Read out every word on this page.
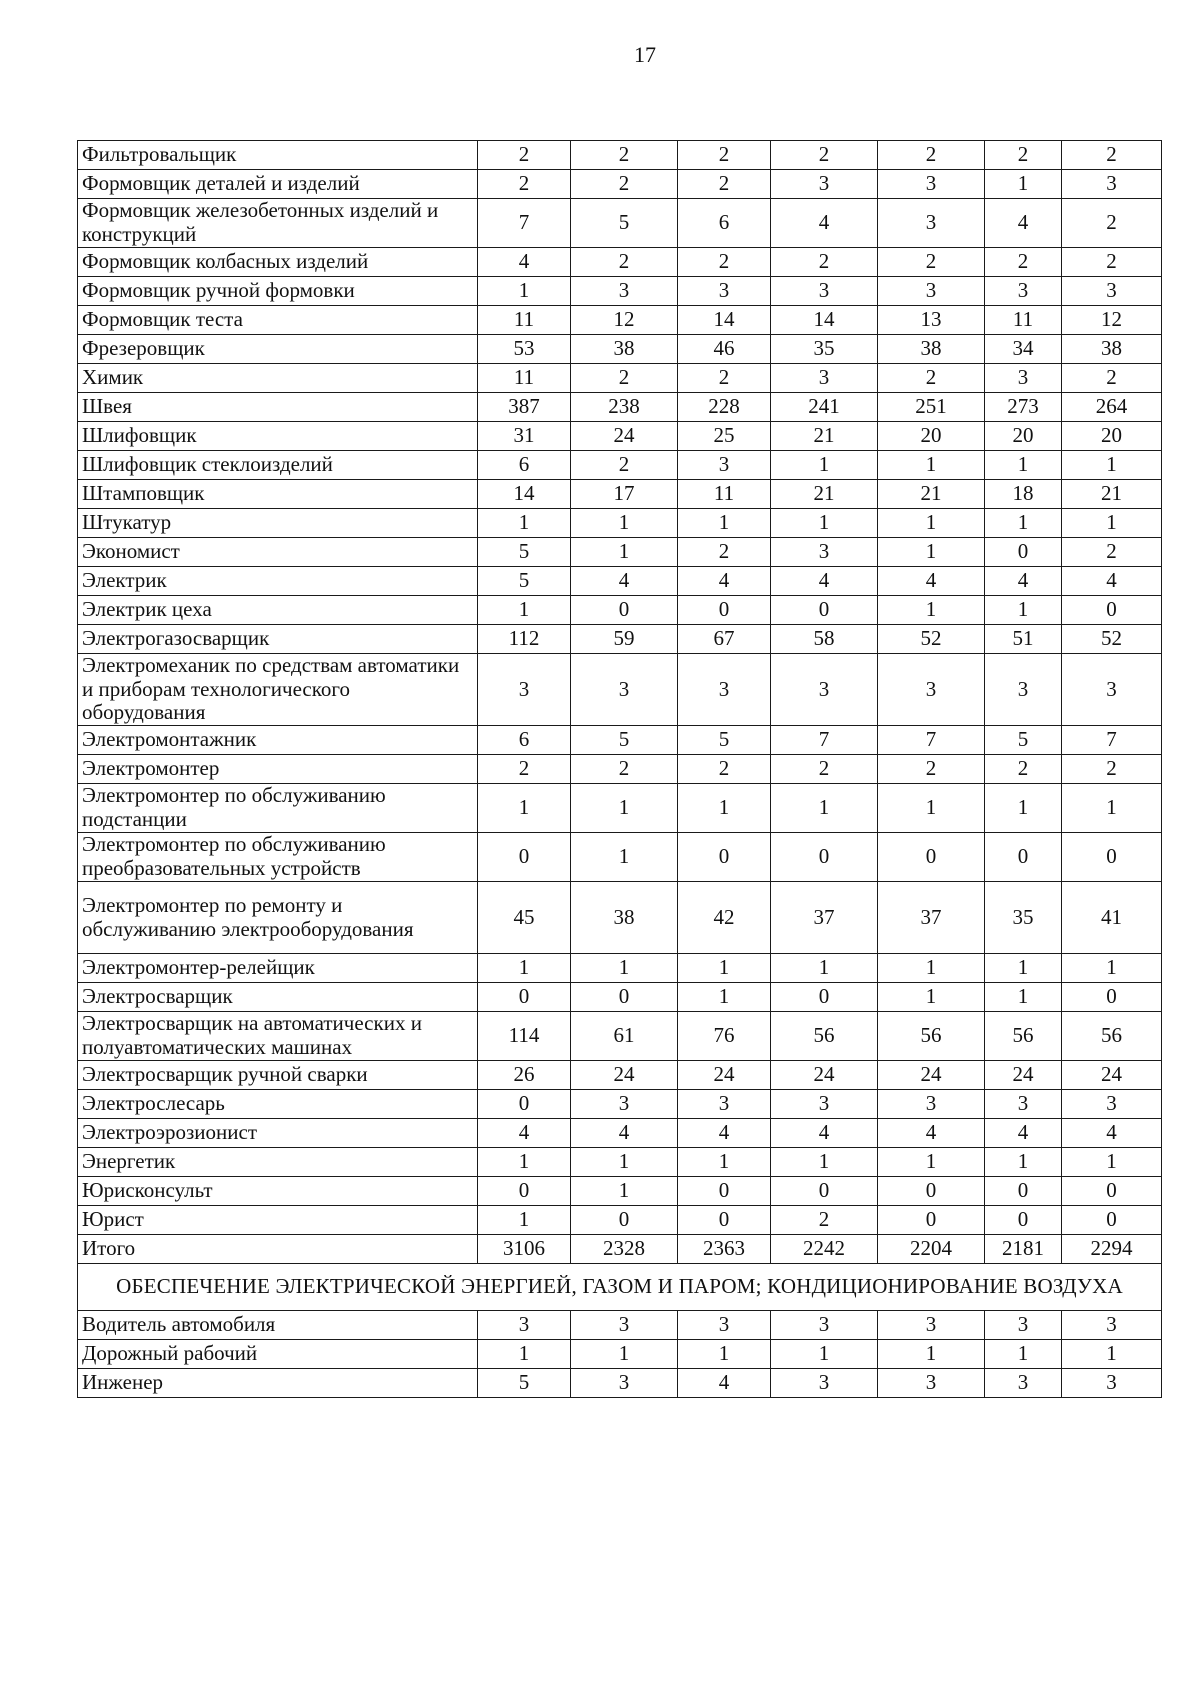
17
Фильтровальщик	2	2	2	2	2	2	2
Формовщик деталей и изделий	2	2	2	3	3	1	3
Формовщик железобетонных изделий и конструкций	7	5	6	4	3	4	2
Формовщик колбасных изделий	4	2	2	2	2	2	2
Формовщик ручной формовки	1	3	3	3	3	3	3
Формовщик теста	11	12	14	14	13	11	12
Фрезеровщик	53	38	46	35	38	34	38
Химик	11	2	2	3	2	3	2
Швея	387	238	228	241	251	273	264
Шлифовщик	31	24	25	21	20	20	20
Шлифовщик стеклоизделий	6	2	3	1	1	1	1
Штамповщик	14	17	11	21	21	18	21
Штукатур	1	1	1	1	1	1	1
Экономист	5	1	2	3	1	0	2
Электрик	5	4	4	4	4	4	4
Электрик цеха	1	0	0	0	1	1	0
Электрогазосварщик	112	59	67	58	52	51	52
Электромеханик по средствам автоматики и приборам технологического оборудования	3	3	3	3	3	3	3
Электромонтажник	6	5	5	7	7	5	7
Электромонтер	2	2	2	2	2	2	2
Электромонтер по обслуживанию подстанции	1	1	1	1	1	1	1
Электромонтер по обслуживанию преобразовательных устройств	0	1	0	0	0	0	0
Электромонтер по ремонту и обслуживанию электрооборудования	45	38	42	37	37	35	41
Электромонтер-релейщик	1	1	1	1	1	1	1
Электросварщик	0	0	1	0	1	1	0
Электросварщик на автоматических и полуавтоматических машинах	114	61	76	56	56	56	56
Электросварщик ручной сварки	26	24	24	24	24	24	24
Электрослесарь	0	3	3	3	3	3	3
Электроэрозионист	4	4	4	4	4	4	4
Энергетик	1	1	1	1	1	1	1
Юрисконсульт	0	1	0	0	0	0	0
Юрист	1	0	0	2	0	0	0
Итого	3106	2328	2363	2242	2204	2181	2294
ОБЕСПЕЧЕНИЕ ЭЛЕКТРИЧЕСКОЙ ЭНЕРГИЕЙ, ГАЗОМ И ПАРОМ; КОНДИЦИОНИРОВАНИЕ ВОЗДУХА							
Водитель автомобиля	3	3	3	3	3	3	3
Дорожный рабочий	1	1	1	1	1	1	1
Инженер	5	3	4	3	3	3	3
